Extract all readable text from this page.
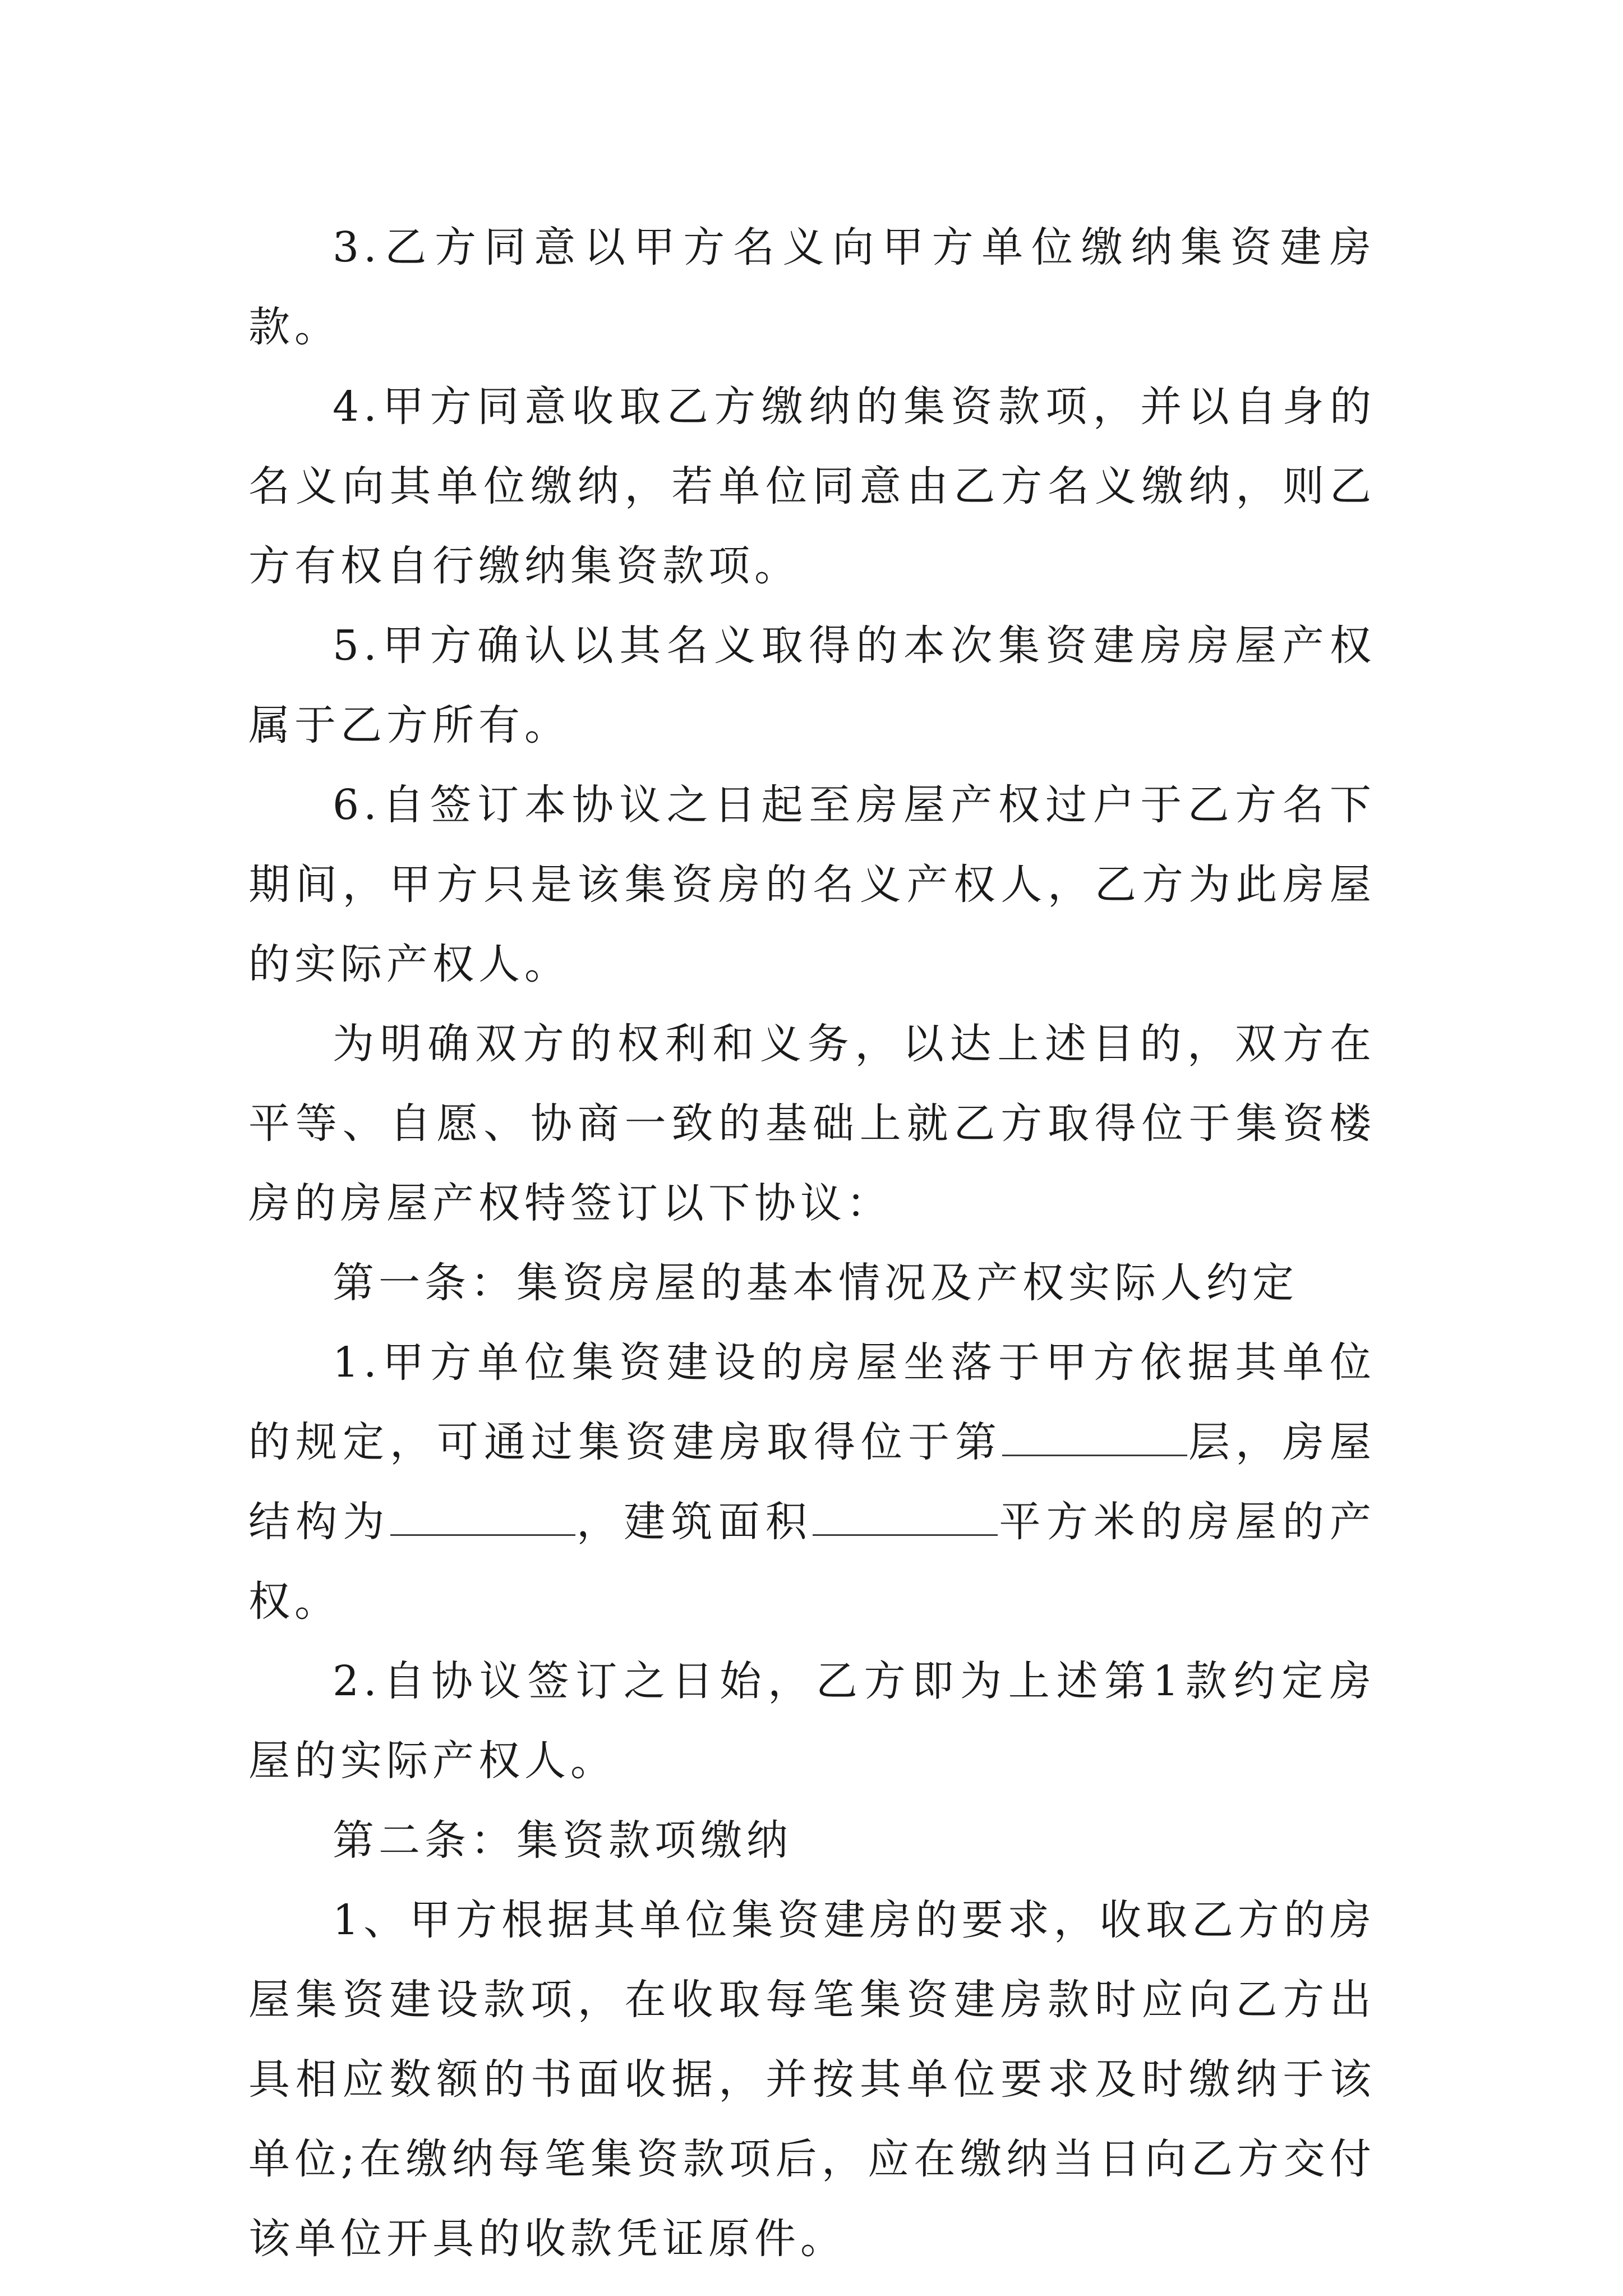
3.乙方同意以甲方名义向甲方单位缴纳集资建房款。

4.甲方同意收取乙方缴纳的集资款项，并以自身的名义向其单位缴纳，若单位同意由乙方名义缴纳，则乙方有权自行缴纳集资款项。

5.甲方确认以其名义取得的本次集资建房房屋产权属于乙方所有。

6.自签订本协议之日起至房屋产权过户于乙方名下期间，甲方只是该集资房的名义产权人，乙方为此房屋的实际产权人。

为明确双方的权利和义务，以达上述目的，双方在平等、自愿、协商一致的基础上就乙方取得位于集资楼房的房屋产权特签订以下协议：

第一条：集资房屋的基本情况及产权实际人约定

1.甲方单位集资建设的房屋坐落于甲方依据其单位的规定，可通过集资建房取得位于第	层，房屋结构为	，建筑面积	平方米的房屋的产权。

2.自协议签订之日始，乙方即为上述第1款约定房屋的实际产权人。

第二条：集资款项缴纳

1、甲方根据其单位集资建房的要求，收取乙方的房屋集资建设款项，在收取每笔集资建房款时应向乙方出具相应数额的书面收据，并按其单位要求及时缴纳于该单位;在缴纳每笔集资款项后，应在缴纳当日向乙方交付该单位开具的收款凭证原件。
